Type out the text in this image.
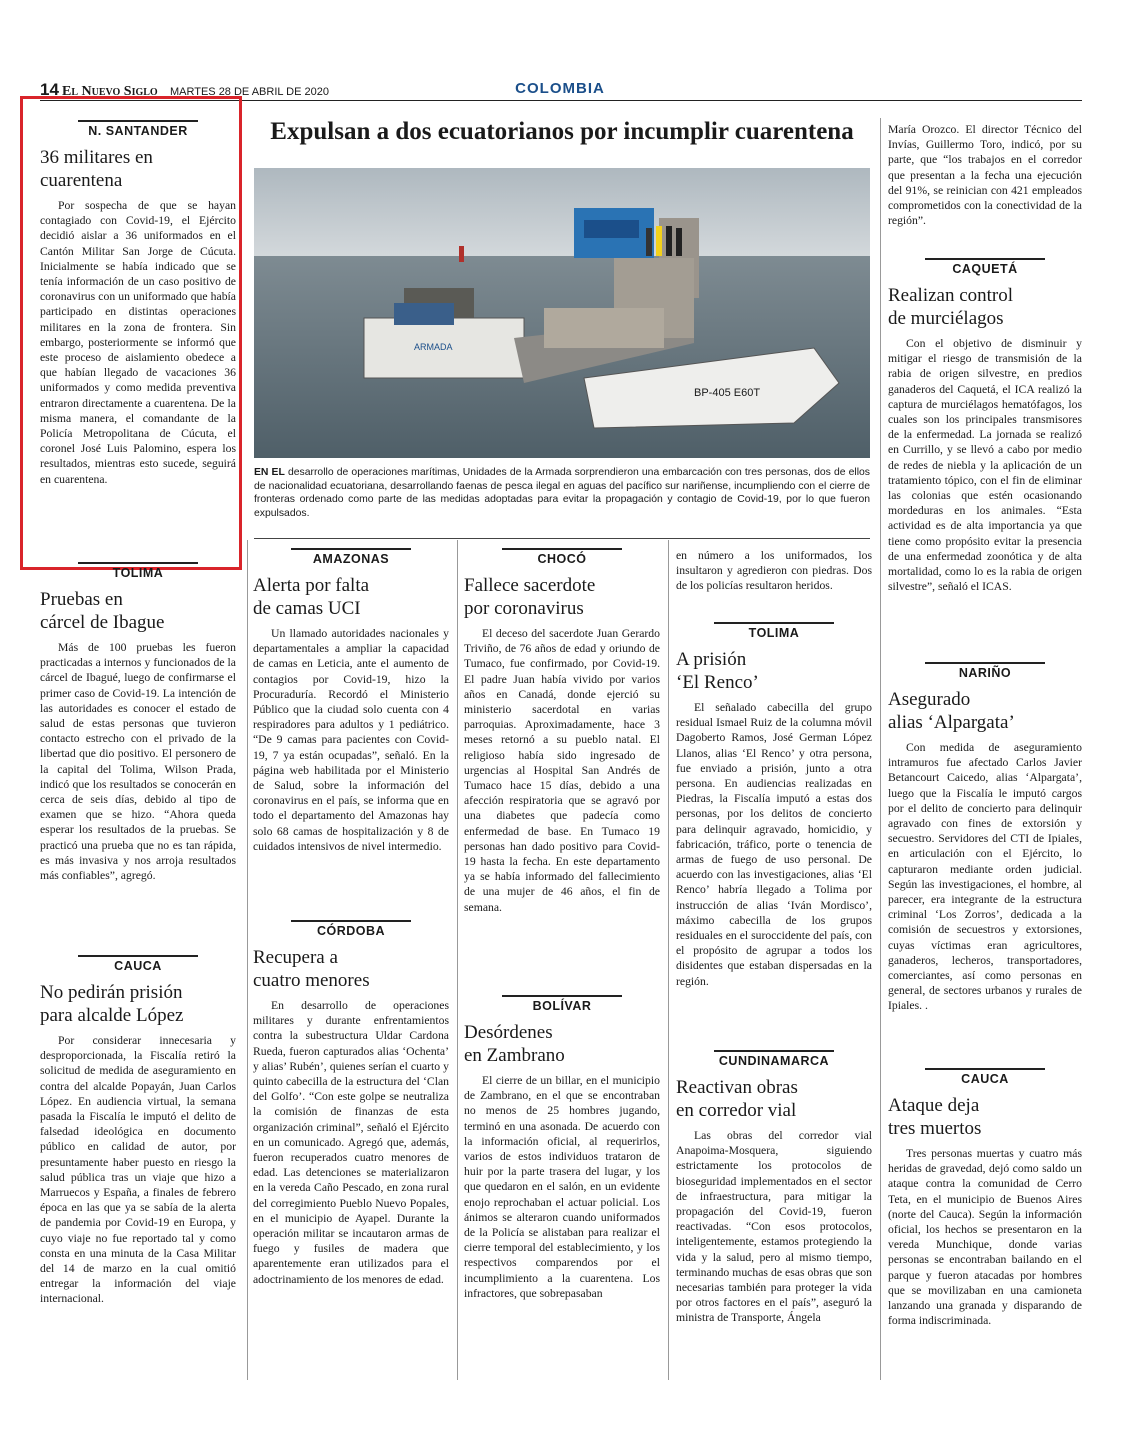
14 El Nuevo Siglo MARTES 28 DE ABRIL DE 2020	COLOMBIA
N. SANTANDER
36 militares en
cuarentena

Por sospecha de que se hayan contagiado con Covid-19, el Ejército decidió aislar a 36 uniformados en el Cantón Militar San Jorge de Cúcuta. Inicialmente se había indicado que se tenía información de un caso positivo de coronavirus con un uniformado que había participado en distintas operaciones militares en la zona de frontera. Sin embargo, posteriormente se informó que este proceso de aislamiento obedece a que habían llegado de vacaciones 36 uniformados y como medida preventiva entraron directamente a cuarentena. De la misma manera, el comandante de la Policía Metropolitana de Cúcuta, el coronel José Luis Palomino, espera los resultados, mientras esto sucede, seguirá en cuarentena.

TOLIMA
Pruebas en
cárcel de Ibague

Más de 100 pruebas les fueron practicadas a internos y funcionados de la cárcel de Ibagué, luego de confirmarse el primer caso de Covid-19. La intención de las autoridades es conocer el estado de salud de estas personas que tuvieron contacto estrecho con el privado de la libertad que dio positivo. El personero de la capital del Tolima, Wilson Prada, indicó que los resultados se conocerán en cerca de seis días, debido al tipo de examen que se hizo. “Ahora queda esperar los resultados de la pruebas. Se practicó una prueba que no es tan rápida, es más invasiva y nos arroja resultados más confiables”, agregó.

CAUCA
No pedirán prisión
para alcalde López

Por considerar innecesaria y desproporcionada, la Fiscalía retiró la solicitud de medida de aseguramiento en contra del alcalde Popayán, Juan Carlos López. En audiencia virtual, la semana pasada la Fiscalía le imputó el delito de falsedad ideológica en documento público en calidad de autor, por presuntamente haber puesto en riesgo la salud pública tras un viaje que hizo a Marruecos y España, a finales de febrero época en las que ya se sabía de la alerta de pandemia por Covid-19 en Europa, y cuyo viaje no fue reportado tal y como consta en una minuta de la Casa Militar del 14 de marzo en la cual omitió entregar la información del viaje internacional.

Expulsan a dos ecuatorianos por incumplir cuarentena
ARMADA
BP-405 E60T
EN EL desarrollo de operaciones marítimas, Unidades de la Armada sorprendieron una embarcación con tres personas, dos de ellos de nacionalidad ecuatoriana, desarrollando faenas de pesca ilegal en aguas del pacífico sur nariñense, incumpliendo con el cierre de fronteras ordenado como parte de las medidas adoptadas para evitar la propagación y contagio de Covid-19, por lo que fueron expulsados.
AMAZONAS
Alerta por falta
de camas UCI

Un llamado autoridades nacionales y departamentales a ampliar la capacidad de camas en Leticia, ante el aumento de contagios por Covid-19, hizo la Procuraduría. Recordó el Ministerio Público que la ciudad solo cuenta con 4 respiradores para adultos y 1 pediátrico. “De 9 camas para pacientes con Covid-19, 7 ya están ocupadas”, señaló. En la página web habilitada por el Ministerio de Salud, sobre la información del coronavirus en el país, se informa que en todo el departamento del Amazonas hay solo 68 camas de hospitalización y 8 de cuidados intensivos de nivel intermedio.

CÓRDOBA
Recupera a
cuatro menores

En desarrollo de operaciones militares y durante enfrentamientos contra la subestructura Uldar Cardona Rueda, fueron capturados alias ‘Ochenta’ y alias’ Rubén’, quienes serían el cuarto y quinto cabecilla de la estructura del ‘Clan del Golfo’. “Con este golpe se neutraliza la comisión de finanzas de esta organización criminal”, señaló el Ejército en un comunicado. Agregó que, además, fueron recuperados cuatro menores de edad. Las detenciones se materializaron en la vereda Caño Pescado, en zona rural del corregimiento Pueblo Nuevo Popales, en el municipio de Ayapel. Durante la operación militar se incautaron armas de fuego y fusiles de madera que aparentemente eran utilizados para el adoctrinamiento de los menores de edad.

CHOCÓ
Fallece sacerdote
por coronavirus

El deceso del sacerdote Juan Gerardo Triviño, de 76 años de edad y oriundo de Tumaco, fue confirmado, por Covid-19. El padre Juan había vivido por varios años en Canadá, donde ejerció su ministerio sacerdotal en varias parroquias. Aproximadamente, hace 3 meses retornó a su pueblo natal. El religioso había sido ingresado de urgencias al Hospital San Andrés de Tumaco hace 15 días, debido a una afección respiratoria que se agravó por una diabetes que padecía como enfermedad de base. En Tumaco 19 personas han dado positivo para Covid-19 hasta la fecha. En este departamento ya se había informado del fallecimiento de una mujer de 46 años, el fin de semana.

BOLÍVAR
Desórdenes
en Zambrano

El cierre de un billar, en el municipio de Zambrano, en el que se encontraban no menos de 25 hombres jugando, terminó en una asonada. De acuerdo con la información oficial, al requerirlos, varios de estos individuos trataron de huir por la parte trasera del lugar, y los que quedaron en el salón, en un evidente enojo reprochaban el actuar policial. Los ánimos se alteraron cuando uniformados de la Policía se alistaban para realizar el cierre temporal del establecimiento, y los respectivos comparendos por el incumplimiento a la cuarentena. Los infractores, que sobrepasaban

en número a los uniformados, los insultaron y agredieron con piedras. Dos de los policías resultaron heridos.

TOLIMA
A prisión
‘El Renco’

El señalado cabecilla del grupo residual Ismael Ruiz de la columna móvil Dagoberto Ramos, José German López Llanos, alias ‘El Renco’ y otra persona, fue enviado a prisión, junto a otra persona. En audiencias realizadas en Piedras, la Fiscalía imputó a estas dos personas, por los delitos de concierto para delinquir agravado, homicidio, y fabricación, tráfico, porte o tenencia de armas de fuego de uso personal. De acuerdo con las investigaciones, alias ‘El Renco’ habría llegado a Tolima por instrucción de alias ‘Iván Mordisco’, máximo cabecilla de los grupos residuales en el suroccidente del país, con el propósito de agrupar a todos los disidentes que estaban dispersadas en la región.

CUNDINAMARCA
Reactivan obras
en corredor vial

Las obras del corredor vial Anapoima-Mosquera, siguiendo estrictamente los protocolos de bioseguridad implementados en el sector de infraestructura, para mitigar la propagación del Covid-19, fueron reactivadas. “Con esos protocolos, inteligentemente, estamos protegiendo la vida y la salud, pero al mismo tiempo, terminando muchas de esas obras que son necesarias también para proteger la vida por otros factores en el país”, aseguró la ministra de Transporte, Ángela

María Orozco. El director Técnico del Invías, Guillermo Toro, indicó, por su parte, que “los trabajos en el corredor que presentan a la fecha una ejecución del 91%, se reinician con 421 empleados comprometidos con la conectividad de la región”.

CAQUETÁ
Realizan control
de murciélagos

Con el objetivo de disminuir y mitigar el riesgo de transmisión de la rabia de origen silvestre, en predios ganaderos del Caquetá, el ICA realizó la captura de murciélagos hematófagos, los cuales son los principales transmisores de la enfermedad. La jornada se realizó en Currillo, y se llevó a cabo por medio de redes de niebla y la aplicación de un tratamiento tópico, con el fin de eliminar las colonias que estén ocasionando mordeduras en los animales. “Esta actividad es de alta importancia ya que tiene como propósito evitar la presencia de una enfermedad zoonótica y de alta mortalidad, como lo es la rabia de origen silvestre”, señaló el ICAS.

NARIÑO
Asegurado
alias ‘Alpargata’

Con medida de aseguramiento intramuros fue afectado Carlos Javier Betancourt Caicedo, alias ‘Alpargata’, luego que la Fiscalía le imputó cargos por el delito de concierto para delinquir agravado con fines de extorsión y secuestro. Servidores del CTI de Ipiales, en articulación con el Ejército, lo capturaron mediante orden judicial. Según las investigaciones, el hombre, al parecer, era integrante de la estructura criminal ‘Los Zorros’, dedicada a la comisión de secuestros y extorsiones, cuyas víctimas eran agricultores, ganaderos, lecheros, transportadores, comerciantes, así como personas en general, de sectores urbanos y rurales de Ipiales. .

CAUCA
Ataque deja
tres muertos

Tres personas muertas y cuatro más heridas de gravedad, dejó como saldo un ataque contra la comunidad de Cerro Teta, en el municipio de Buenos Aires (norte del Cauca). Según la información oficial, los hechos se presentaron en la vereda Munchique, donde varias personas se encontraban bailando en el parque y fueron atacadas por hombres que se movilizaban en una camioneta lanzando una granada y disparando de forma indiscriminada.
